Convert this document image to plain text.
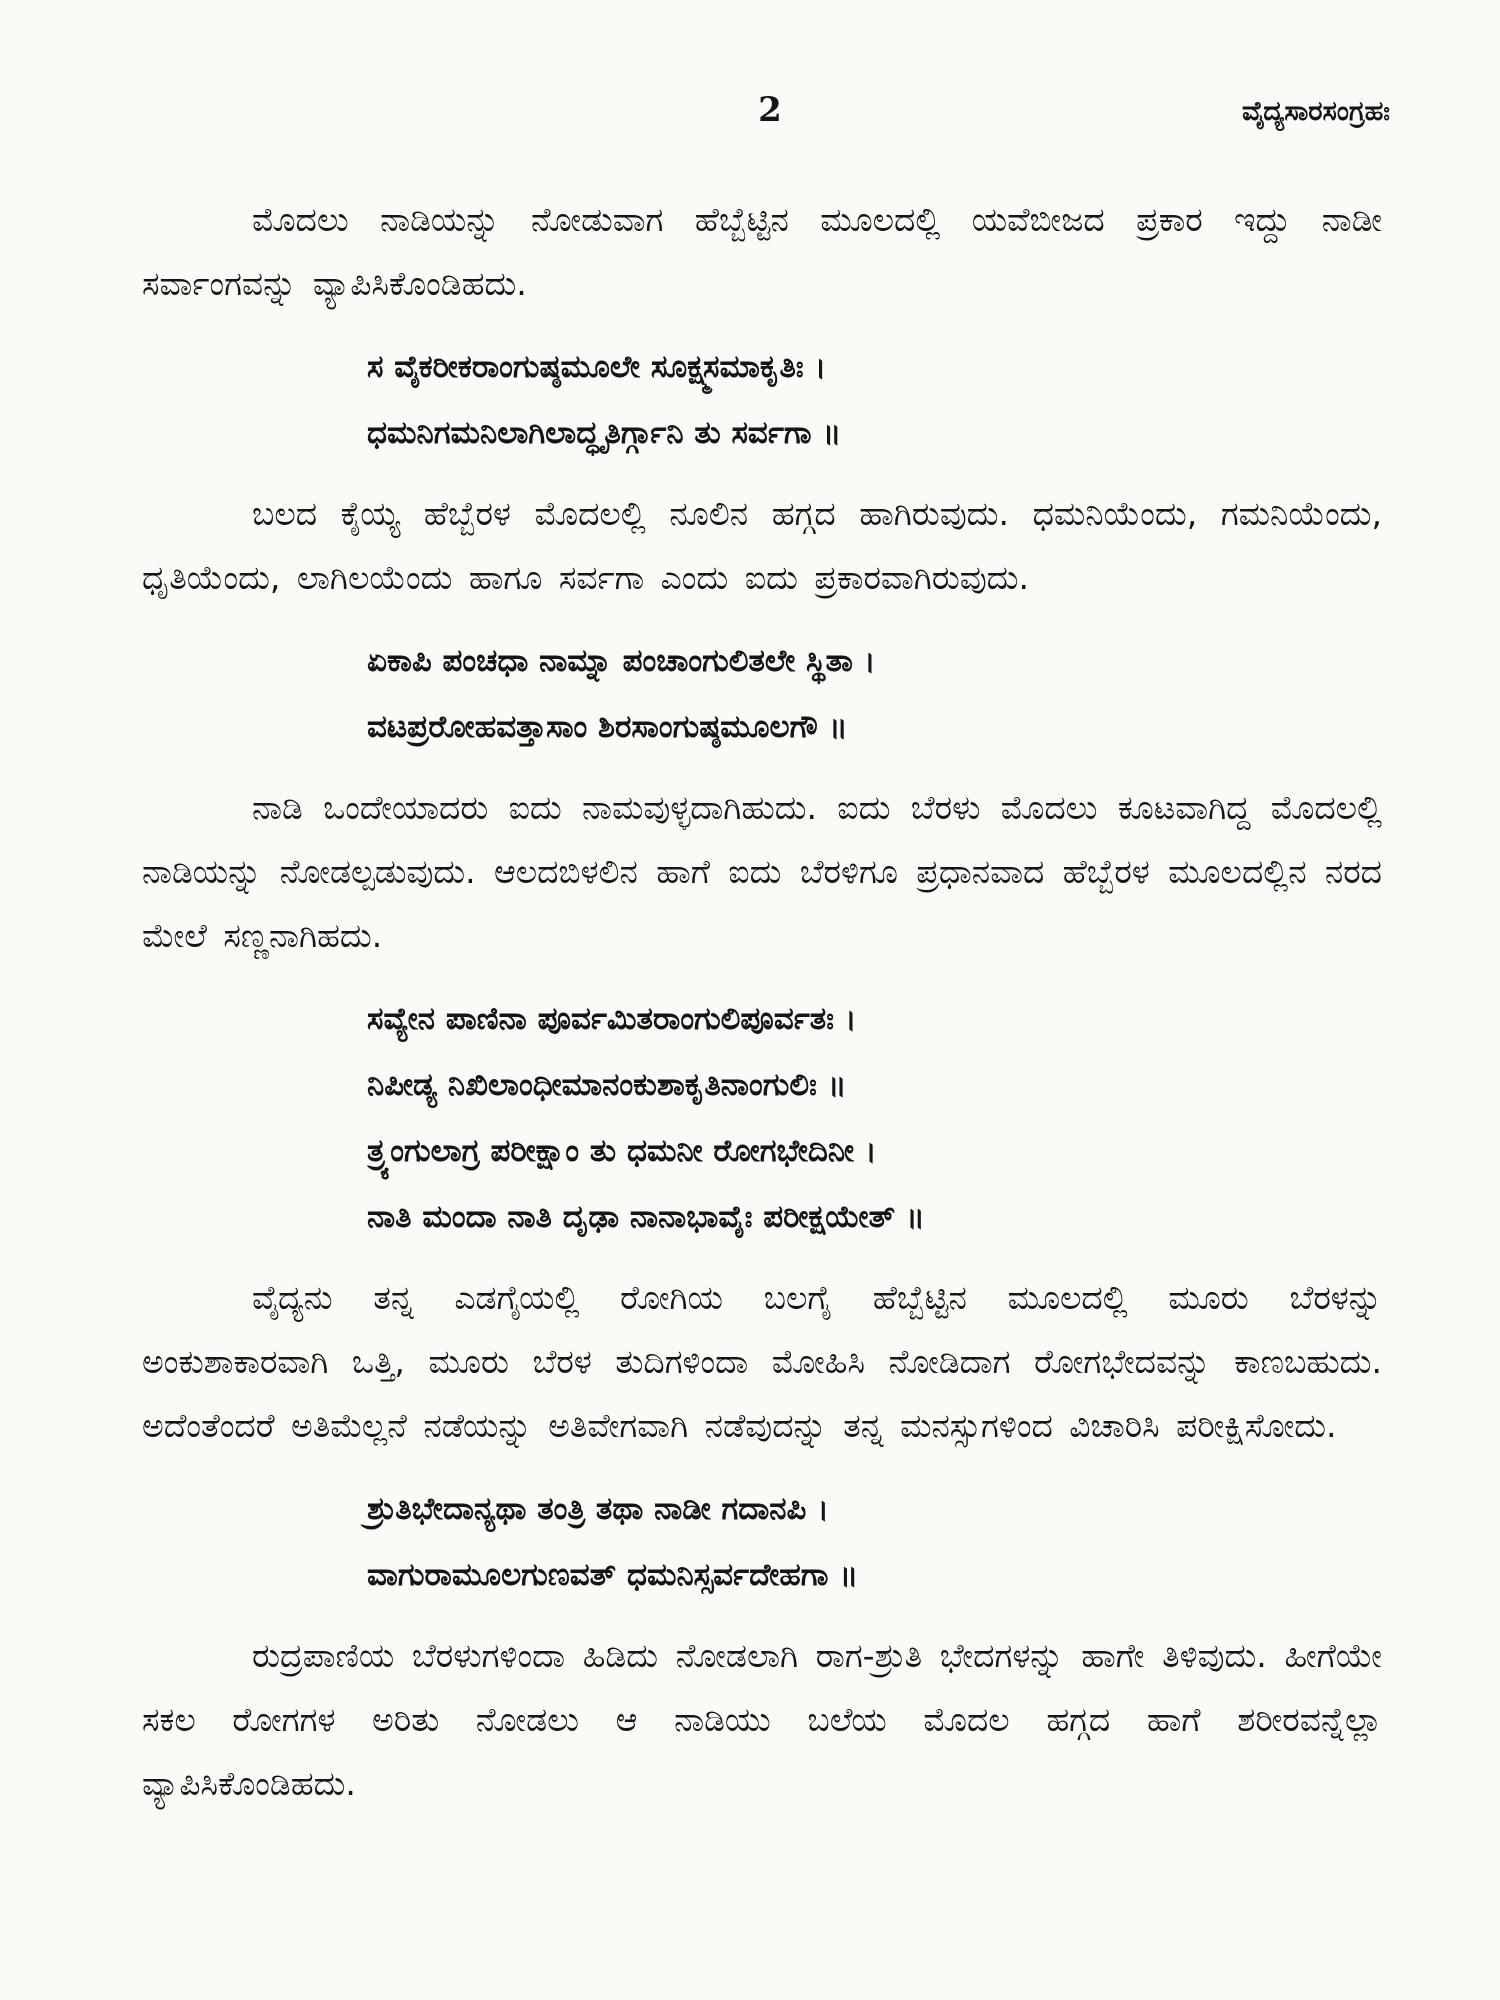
2	ವೈದ್ಯಸಾರಸಂಗ್ರಹಃ

ಮೊದಲು ನಾಡಿಯನ್ನು ನೋಡುವಾಗ ಹೆಬ್ಬೆಟ್ಟಿನ ಮೂಲದಲ್ಲಿ ಯವೆಬೀಜದ ಪ್ರಕಾರ ಇದ್ದು ನಾಡೀ ಸರ್ವಾಂಗವನ್ನು ವ್ಯಾಪಿಸಿಕೊಂಡಿಹದು.

ಸ ವೈಕರೀಕರಾಂಗುಷ್ಠಮೂಲೇ ಸೂಕ್ಷ್ಮಸಮಾಕೃತಿಃ ।
ಧಮನಿಗಮನಿಲಾಗಿಲಾದ್ಧೃತಿರ್ಗ್ಗಾನಿ ತು ಸರ್ವಗಾ ॥

ಬಲದ ಕೈಯ್ಯ ಹೆಬ್ಬೆರಳ ಮೊದಲಲ್ಲಿ ನೂಲಿನ ಹಗ್ಗದ ಹಾಗಿರುವುದು. ಧಮನಿಯೆಂದು, ಗಮನಿಯೆಂದು, ಧೃತಿಯೆಂದು, ಲಾಗಿಲಯೆಂದು ಹಾಗೂ ಸರ್ವಗಾ ಎಂದು ಐದು ಪ್ರಕಾರವಾಗಿರುವುದು.

ಏಕಾಪಿ ಪಂಚಧಾ ನಾಮ್ನಾ ಪಂಚಾಂಗುಲಿತಲೇ ಸ್ಥಿತಾ ।
ವಟಪ್ರರೋಹವತ್ತಾಸಾಂ ಶಿರಸಾಂಗುಷ್ಠಮೂಲಗೌ ॥

ನಾಡಿ ಒಂದೇಯಾದರು ಐದು ನಾಮವುಳ್ಳದಾಗಿಹುದು. ಐದು ಬೆರಳು ಮೊದಲು ಕೂಟವಾಗಿದ್ದ ಮೊದಲಲ್ಲಿ ನಾಡಿಯನ್ನು ನೋಡಲ್ಪಡುವುದು. ಆಲದಬಿಳಲಿನ ಹಾಗೆ ಐದು ಬೆರಳಿಗೂ ಪ್ರಧಾನವಾದ ಹೆಬ್ಬೆರಳ ಮೂಲದಲ್ಲಿನ ನರದ ಮೇಲೆ ಸಣ್ಣನಾಗಿಹದು.

ಸವ್ಯೇನ ಪಾಣಿನಾ ಪೂರ್ವಮಿತರಾಂಗುಲಿಪೂರ್ವತಃ ।
ನಿಪೀಡ್ಯ ನಿಖಿಲಾಂಧೀಮಾನಂಕುಶಾಕೃತಿನಾಂಗುಲಿಃ ॥
ತ್ರ್ಯಂಗುಲಾಗ್ರ ಪರೀಕ್ಷಾಂ ತು ಧಮನೀ ರೋಗಭೇದಿನೀ ।
ನಾತಿ ಮಂದಾ ನಾತಿ ದೃಢಾ ನಾನಾಭಾವೈಃ ಪರೀಕ್ಷಯೇತ್ ॥

ವೈದ್ಯನು ತನ್ನ ಎಡಗೈಯಲ್ಲಿ ರೋಗಿಯ ಬಲಗೈ ಹೆಬ್ಬೆಟ್ಟಿನ ಮೂಲದಲ್ಲಿ ಮೂರು ಬೆರಳನ್ನು ಅಂಕುಶಾಕಾರವಾಗಿ ಒತ್ತಿ, ಮೂರು ಬೆರಳ ತುದಿಗಳಿಂದಾ ಮೋಹಿಸಿ ನೋಡಿದಾಗ ರೋಗಭೇದವನ್ನು ಕಾಣಬಹುದು. ಅದೆಂತೆಂದರೆ ಅತಿಮೆಲ್ಲನೆ ನಡೆಯನ್ನು ಅತಿವೇಗವಾಗಿ ನಡೆವುದನ್ನು ತನ್ನ ಮನಸ್ಸುಗಳಿಂದ ವಿಚಾರಿಸಿ ಪರೀಕ್ಷಿಸೋದು.

ಶ್ರುತಿಭೇದಾನ್ಯಥಾ ತಂತ್ರಿ ತಥಾ ನಾಡೀ ಗದಾನಪಿ ।
ವಾಗುರಾಮೂಲಗುಣವತ್ ಧಮನಿಸ್ಸರ್ವದೇಹಗಾ ॥

ರುದ್ರಪಾಣಿಯ ಬೆರಳುಗಳಿಂದಾ ಹಿಡಿದು ನೋಡಲಾಗಿ ರಾಗ-ಶ್ರುತಿ ಭೇದಗಳನ್ನು ಹಾಗೇ ತಿಳಿವುದು. ಹೀಗೆಯೇ ಸಕಲ ರೋಗಗಳ ಅರಿತು ನೋಡಲು ಆ ನಾಡಿಯು ಬಲೆಯ ಮೊದಲ ಹಗ್ಗದ ಹಾಗೆ ಶರೀರವನ್ನೆಲ್ಲಾ ವ್ಯಾಪಿಸಿಕೊಂಡಿಹದು.
